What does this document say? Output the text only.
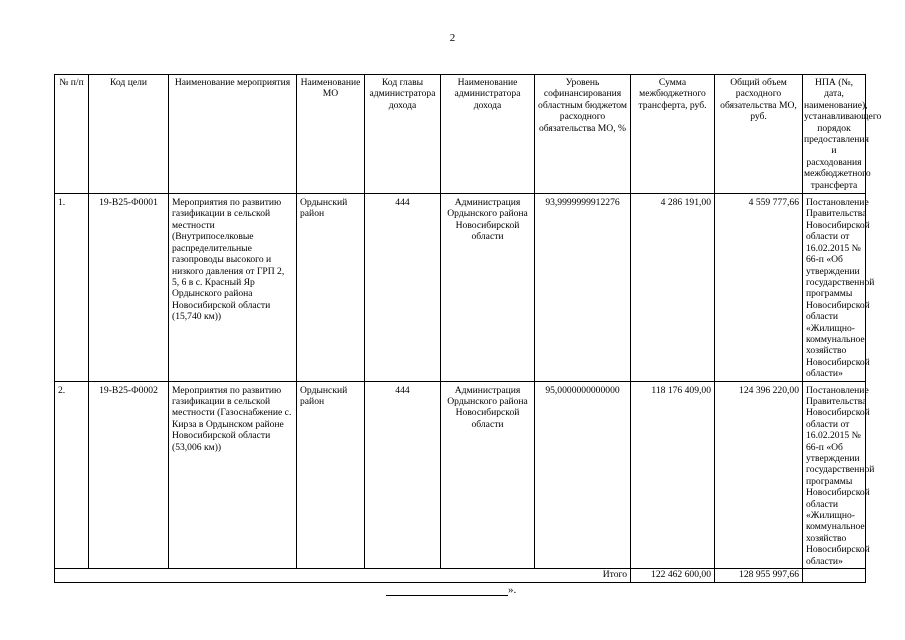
2
№ п/п	Код цели	Наименование мероприятия	Наименование МО	Код главы администратора дохода	Наименование администратора дохода	Уровень софинансирования областным бюджетом расходного обязательства МО, %	Сумма межбюджетного трансферта, руб.	Общий объем расходного обязательства МО, руб.	НПА (№, дата, наименование), устанавливающего порядок предоставления и расходования межбюджетного трансферта
1.	19-В25-Ф0001	Мероприятия по развитию газификации в сельской местности (Внутрипоселковые распределительные газопроводы высокого и низкого давления от ГРП 2, 5, 6 в с. Красный Яр Ордынского района Новосибирской области (15,740 км))	Ордынский район	444	Администрация Ордынского района Новосибирской области	93,9999999912276	4 286 191,00	4 559 777,66	Постановление Правительства Новосибирской области от 16.02.2015 № 66-п «Об утверждении государственной программы Новосибирской области «Жилищно-коммунальное хозяйство Новосибирской области»
2.	19-В25-Ф0002	Мероприятия по развитию газификации в сельской местности (Газоснабжение с. Кирза в Ордынском районе Новосибирской области (53,006 км))	Ордынский район	444	Администрация Ордынского района Новосибирской области	95,0000000000000	118 176 409,00	124 396 220,00	Постановление Правительства Новосибирской области от 16.02.2015 № 66-п «Об утверждении государственной программы Новосибирской области «Жилищно-коммунальное хозяйство Новосибирской области»
Итого							122 462 600,00	128 955 997,66	
».
